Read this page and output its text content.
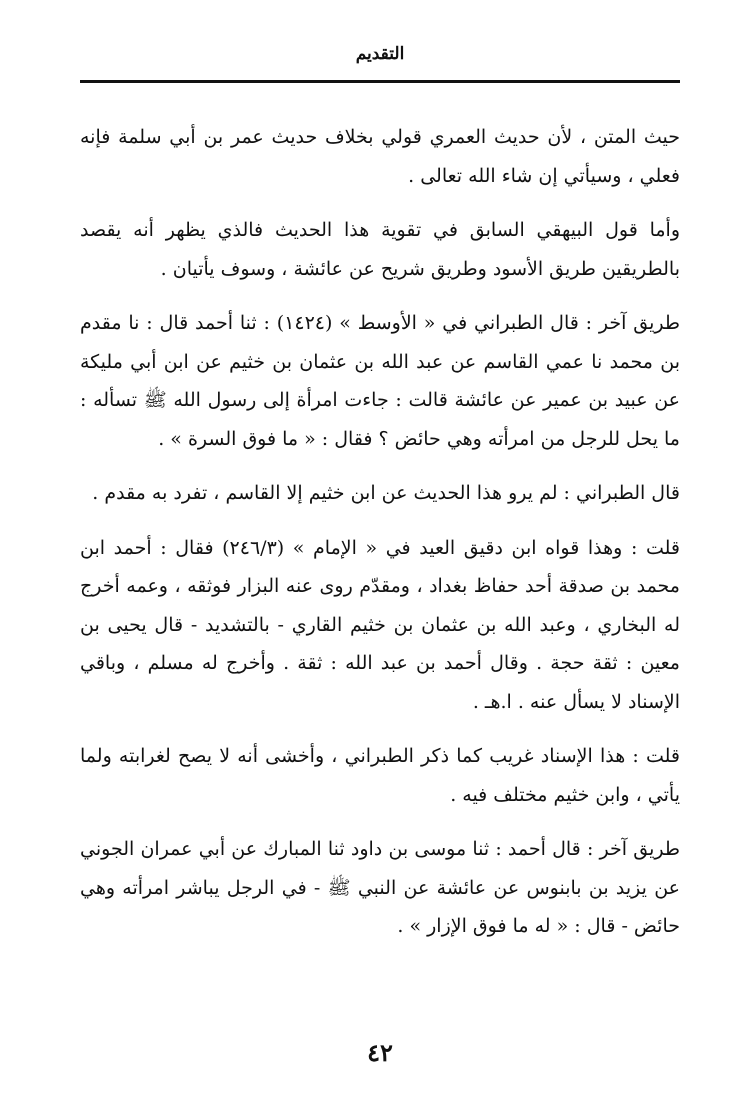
التقديم

حيث المتن ، لأن حديث العمري قولي بخلاف حديث عمر بن أبي سلمة فإنه فعلي ، وسيأتي إن شاء الله تعالى .

وأما قول البيهقي السابق في تقوية هذا الحديث فالذي يظهر أنه يقصد بالطريقين طريق الأسود وطريق شريح عن عائشة ، وسوف يأتيان .

طريق آخر : قال الطبراني في « الأوسط » (١٤٢٤) : ثنا أحمد قال : نا مقدم بن محمد نا عمي القاسم عن عبد الله بن عثمان بن خثيم عن ابن أبي مليكة عن عبيد بن عمير عن عائشة قالت : جاءت امرأة إلى رسول الله ﷺ تسأله : ما يحل للرجل من امرأته وهي حائض ؟ فقال : « ما فوق السرة » .

قال الطبراني : لم يرو هذا الحديث عن ابن خثيم إلا القاسم ، تفرد به مقدم .

قلت : وهذا قواه ابن دقيق العيد في « الإمام » (٢٤٦/٣) فقال : أحمد ابن محمد بن صدقة أحد حفاظ بغداد ، ومقدّم روى عنه البزار فوثقه ، وعمه أخرج له البخاري ، وعبد الله بن عثمان بن خثيم القاري - بالتشديد - قال يحيى بن معين : ثقة حجة . وقال أحمد بن عبد الله : ثقة . وأخرج له مسلم ، وباقي الإسناد لا يسأل عنه . ا.هـ .

قلت : هذا الإسناد غريب كما ذكر الطبراني ، وأخشى أنه لا يصح لغرابته ولما يأتي ، وابن خثيم مختلف فيه .

طريق آخر : قال أحمد : ثنا موسى بن داود ثنا المبارك عن أبي عمران الجوني عن يزيد بن بابنوس عن عائشة عن النبي ﷺ - في الرجل يباشر امرأته وهي حائض - قال : « له ما فوق الإزار » .

٤٢
